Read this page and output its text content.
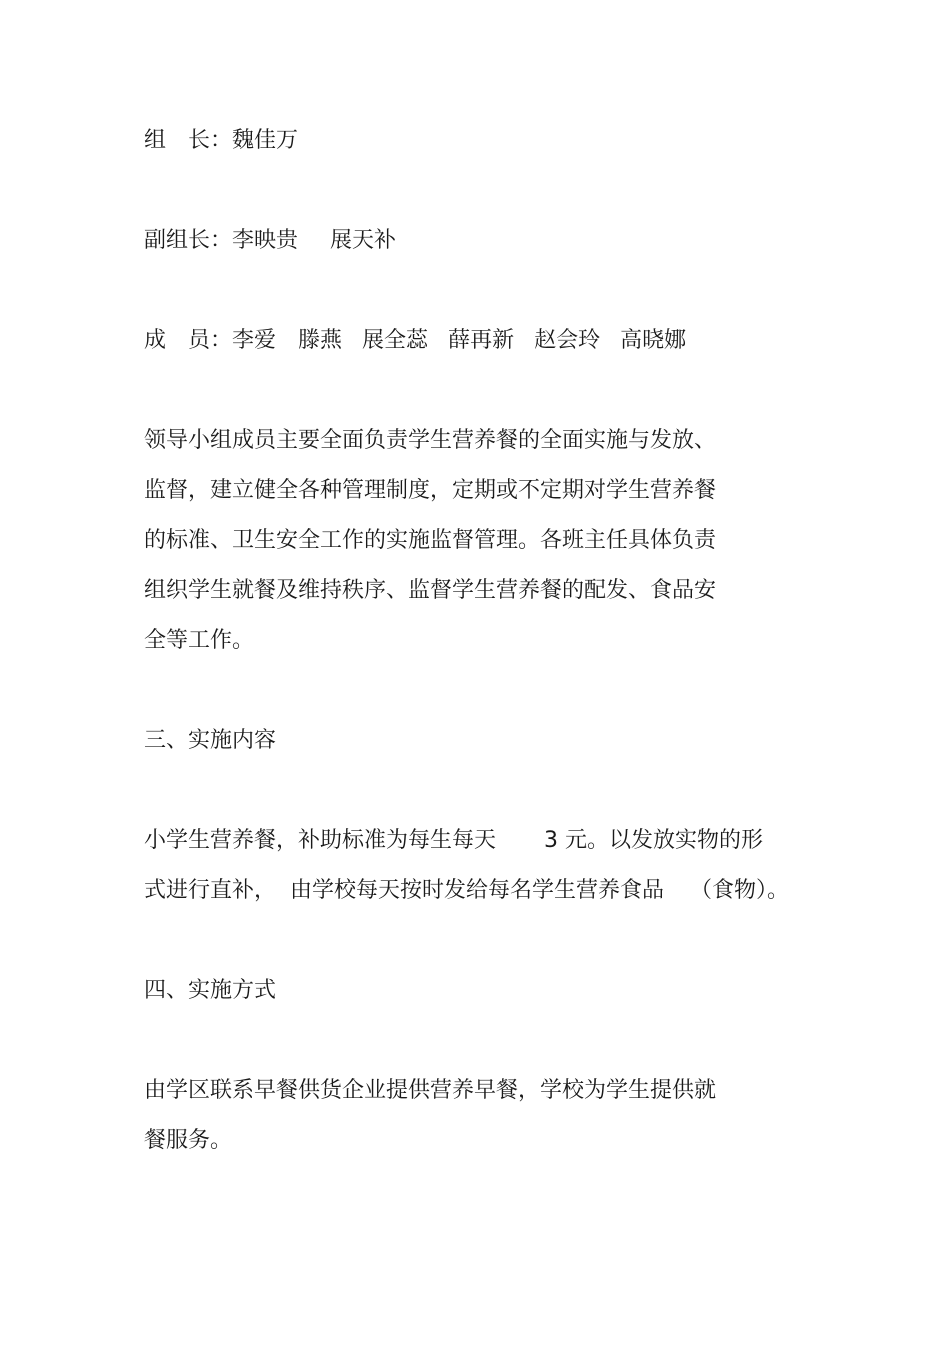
组　长：魏佳万
副组长：李映贵 展天补
成　员：李爱 滕燕 展全蕊 薛再新 赵会玲 高晓娜
领导小组成员主要全面负责学生营养餐的全面实施与发放、
监督，建立健全各种管理制度，定期或不定期对学生营养餐
的标准、卫生安全工作的实施监督管理。各班主任具体负责
组织学生就餐及维持秩序、监督学生营养餐的配发、食品安
全等工作。
三、实施内容
小学生营养餐，补助标准为每生每天 3 元。以发放实物的形
式进行直补， 由学校每天按时发给每名学生营养食品 （食物）。
四、实施方式
由学区联系早餐供货企业提供营养早餐，学校为学生提供就
餐服务。
